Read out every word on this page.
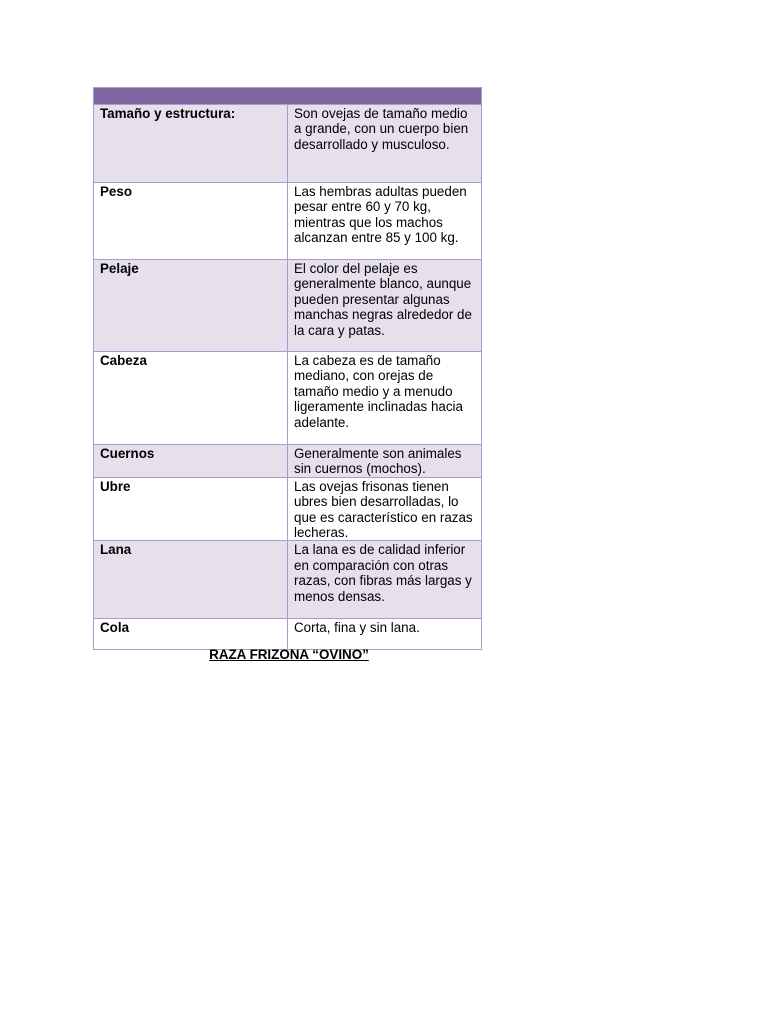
Tamaño y estructura:	Son ovejas de tamaño medio a grande, con un cuerpo bien desarrollado y musculoso.
Peso	Las hembras adultas pueden pesar entre 60 y 70 kg, mientras que los machos alcanzan entre 85 y 100 kg.
Pelaje	El color del pelaje es generalmente blanco, aunque pueden presentar algunas manchas negras alrededor de la cara y patas.
Cabeza	La cabeza es de tamaño mediano, con orejas de tamaño medio y a menudo ligeramente inclinadas hacia adelante.
Cuernos	Generalmente son animales sin cuernos (mochos).
Ubre	Las ovejas frisonas tienen ubres bien desarrolladas, lo que es característico en razas lecheras.
Lana	La lana es de calidad inferior en comparación con otras razas, con fibras más largas y menos densas.
Cola	Corta, fina y sin lana.
RAZA FRIZONA “OVINO”
